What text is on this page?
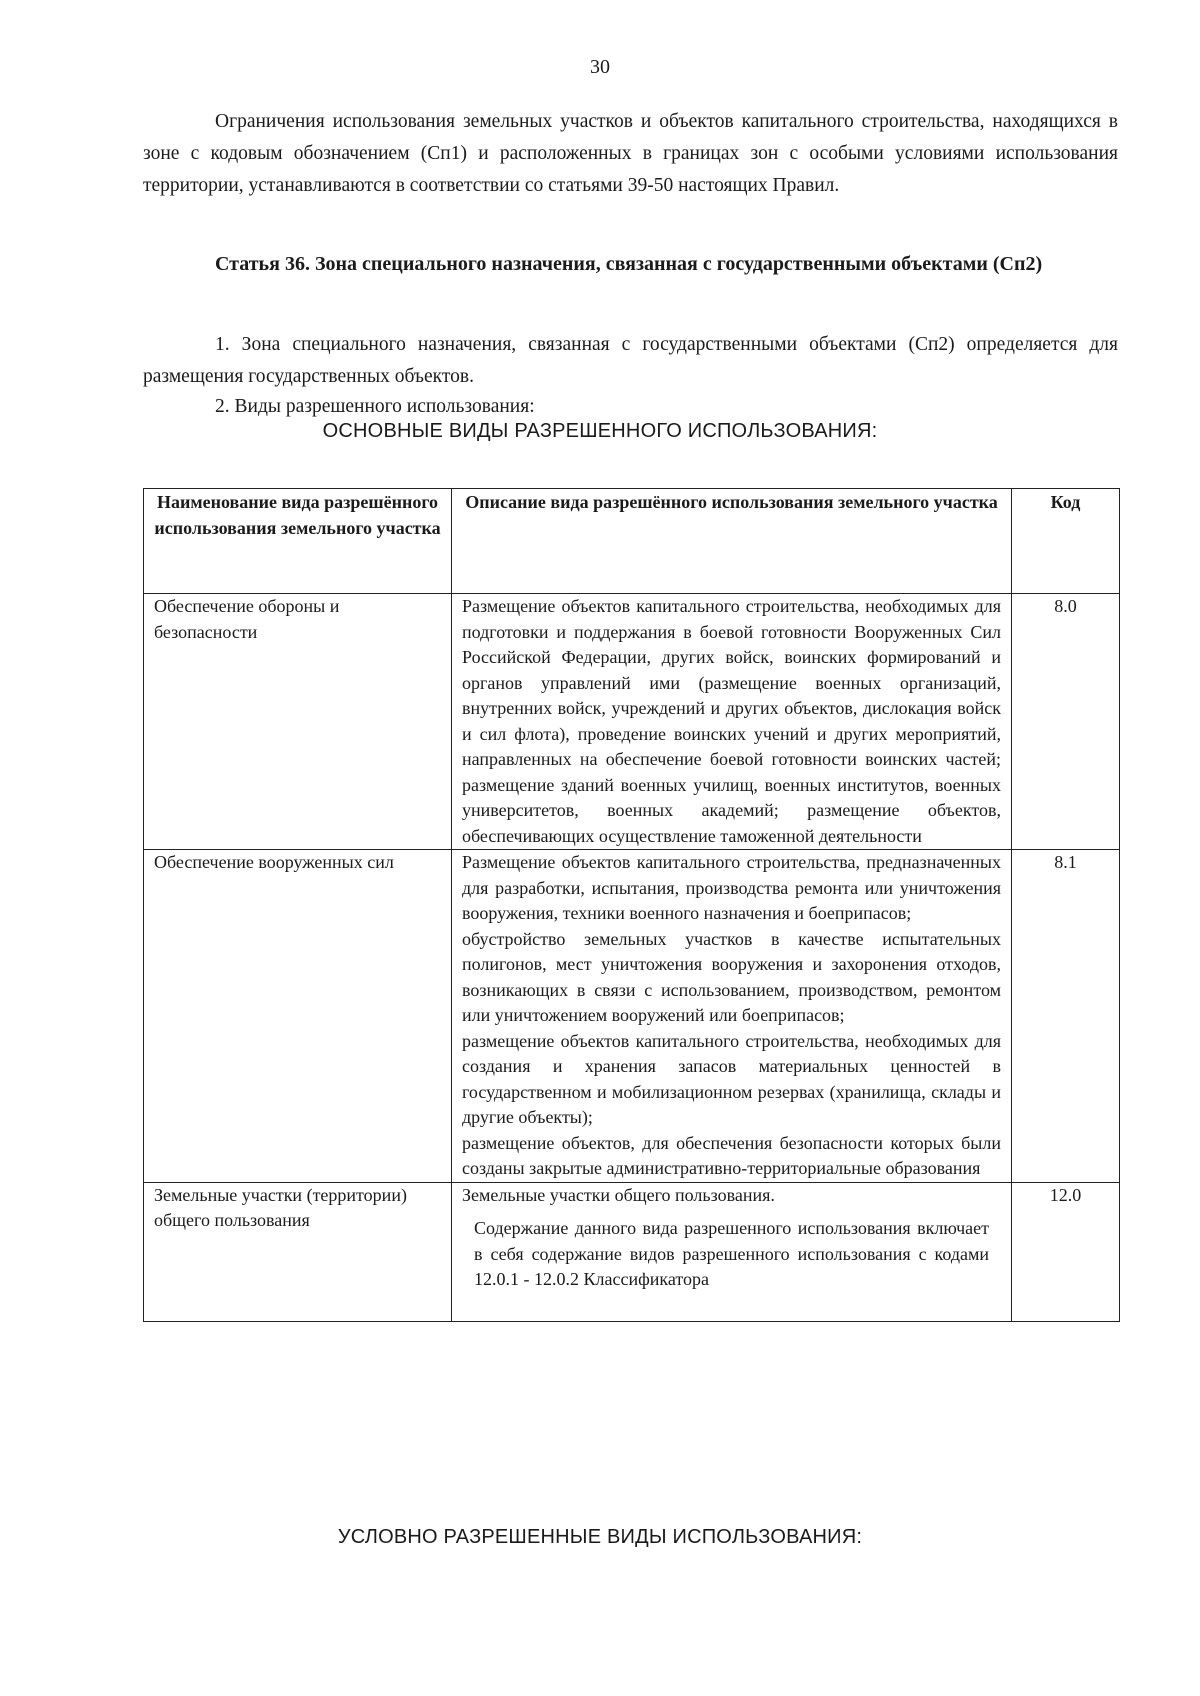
30
Ограничения использования земельных участков и объектов капитального строительства, находящихся в зоне с кодовым обозначением (Сп1) и расположенных в границах зон с особыми условиями использования территории, устанавливаются в соответствии со статьями 39-50 настоящих Правил.
Статья 36. Зона специального назначения, связанная с государственными объектами (Сп2)
1. Зона специального назначения, связанная с государственными объектами (Сп2) определяется для размещения государственных объектов.
2. Виды разрешенного использования:
ОСНОВНЫЕ ВИДЫ РАЗРЕШЕННОГО ИСПОЛЬЗОВАНИЯ:
Наименование вида разрешённого использования земельного участка	Описание вида разрешённого использования земельного участка	Код
Обеспечение обороны и безопасности	Размещение объектов капитального строительства, необходимых для подготовки и поддержания в боевой готовности Вооруженных Сил Российской Федерации, других войск, воинских формирований и органов управлений ими (размещение военных организаций, внутренних войск, учреждений и других объектов, дислокация войск и сил флота), проведение воинских учений и других мероприятий, направленных на обеспечение боевой готовности воинских частей; размещение зданий военных училищ, военных институтов, военных университетов, военных академий; размещение объектов, обеспечивающих осуществление таможенной деятельности	8.0
Обеспечение вооруженных сил	Размещение объектов капитального строительства, предназначенных для разработки, испытания, производства ремонта или уничтожения вооружения, техники военного назначения и боеприпасов;
обустройство земельных участков в качестве испытательных полигонов, мест уничтожения вооружения и захоронения отходов, возникающих в связи с использованием, производством, ремонтом или уничтожением вооружений или боеприпасов;
размещение объектов капитального строительства, необходимых для создания и хранения запасов материальных ценностей в государственном и мобилизационном резервах (хранилища, склады и другие объекты);
размещение объектов, для обеспечения безопасности которых были созданы закрытые административно-территориальные образования	8.1
Земельные участки (территории) общего пользования	Земельные участки общего пользования.
Содержание данного вида разрешенного использования включает в себя содержание видов разрешенного использования с кодами 12.0.1 - 12.0.2 Классификатора	12.0
УСЛОВНО РАЗРЕШЕННЫЕ ВИДЫ ИСПОЛЬЗОВАНИЯ:
